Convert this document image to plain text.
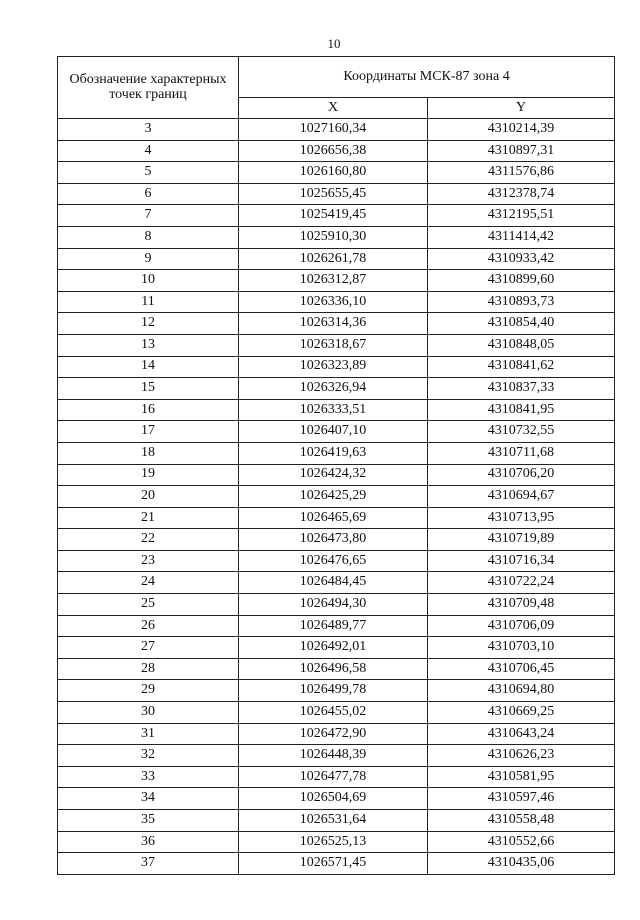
10
Обозначение характерных точек границ	Координаты МСК-87 зона 4	
	X	Y
3	1027160,34	4310214,39
4	1026656,38	4310897,31
5	1026160,80	4311576,86
6	1025655,45	4312378,74
7	1025419,45	4312195,51
8	1025910,30	4311414,42
9	1026261,78	4310933,42
10	1026312,87	4310899,60
11	1026336,10	4310893,73
12	1026314,36	4310854,40
13	1026318,67	4310848,05
14	1026323,89	4310841,62
15	1026326,94	4310837,33
16	1026333,51	4310841,95
17	1026407,10	4310732,55
18	1026419,63	4310711,68
19	1026424,32	4310706,20
20	1026425,29	4310694,67
21	1026465,69	4310713,95
22	1026473,80	4310719,89
23	1026476,65	4310716,34
24	1026484,45	4310722,24
25	1026494,30	4310709,48
26	1026489,77	4310706,09
27	1026492,01	4310703,10
28	1026496,58	4310706,45
29	1026499,78	4310694,80
30	1026455,02	4310669,25
31	1026472,90	4310643,24
32	1026448,39	4310626,23
33	1026477,78	4310581,95
34	1026504,69	4310597,46
35	1026531,64	4310558,48
36	1026525,13	4310552,66
37	1026571,45	4310435,06
